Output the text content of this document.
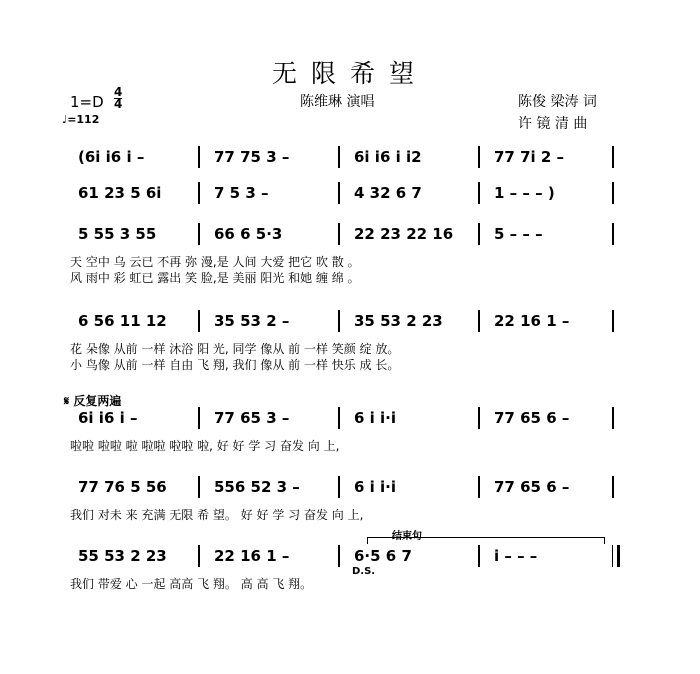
无限希望
1=D
4
4
♩=112
陈维琳 演唱	陈俊 梁涛 词
许 镜 清 曲
𝄋 反复两遍
结束句
D.S.
(6i i6 i –	77 75 3 –	6i i6 i i2	77 7i 2 –
61 23 5 6i	7 5 3 –	4 32 6 7	1 – – – )
5 55 3 55	66 6 5·3	22 23 22 16	5 – – –
天 空中 乌 云已 不再 弥 漫,是 人间 大爱 把它 吹 散 。
风 雨中 彩 虹已 露出 笑 脸,是 美丽 阳光 和她 缠 绵 。
6 56 11 12	35 53 2 –	35 53 2 23	22 16 1 –
花 朵像 从前 一样 沐浴 阳 光, 同学 像从 前 一样 笑颜 绽 放。
小 鸟像 从前 一样 自由 飞 翔, 我们 像从 前 一样 快乐 成 长。
6i i6 i –	77 65 3 –	6 i i·i	77 65 6 –
啦啦 啦啦 啦 啦啦 啦啦 啦, 好 好 学 习 奋发 向 上,
77 76 5 56	556 52 3 –	6 i i·i	77 65 6 –
我们 对未 来 充满 无限 希 望。 好 好 学 习 奋发 向 上,
55 53 2 23	22 16 1 –	6·5 6 7	i – – –
我们 带爱 心 一起 高高 飞 翔。 高 高 飞 翔。
